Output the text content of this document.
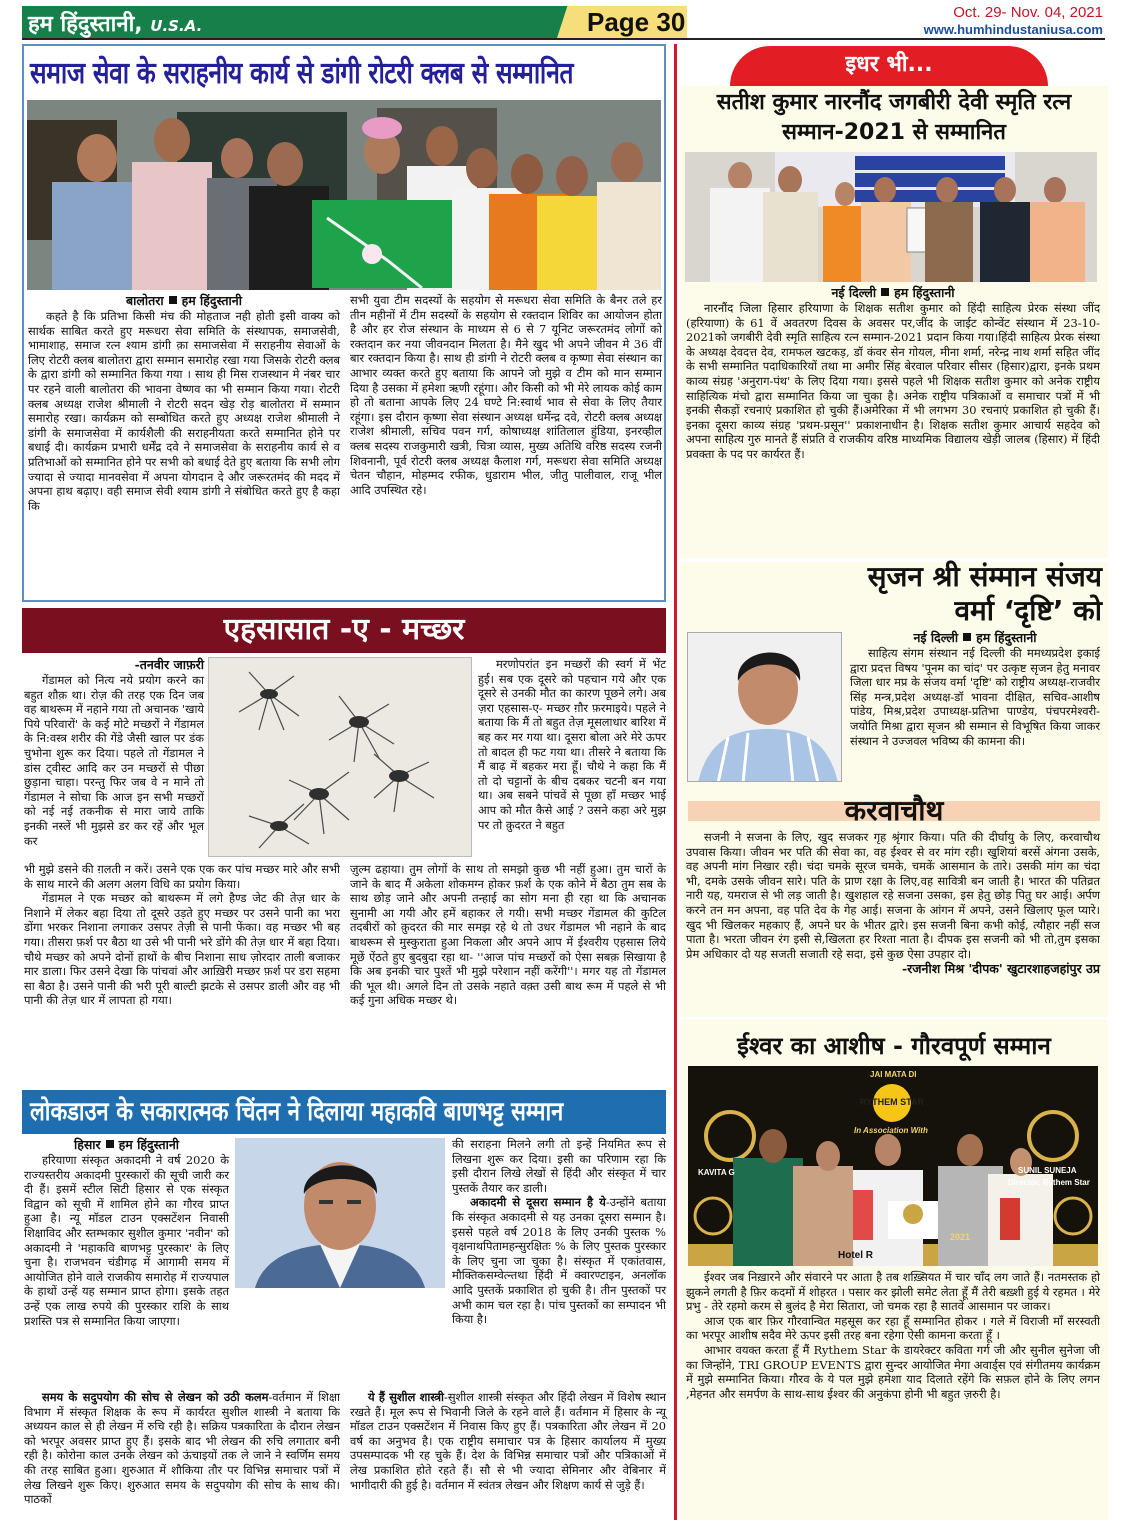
हम हिंदुस्तानी, U.S.A.	Page 30	Oct. 29- Nov. 04, 2021
www.humhindustaniusa.com
समाज सेवा के सराहनीय कार्य से डांगी रोटरी क्लब से सम्मानित
बालोतरा हम हिंदुस्तानी

कहते है कि प्रतिभा किसी मंच की मोहताज नही होती इसी वाक्य को सार्थक साबित करते हुए मरूधरा सेवा समिति के संस्थापक, समाजसेवी, भामाशाह, समाज रत्न श्याम डांगी क़ा समाजसेवा में सराहनीय सेवाओं के लिए रोटरी क्लब बालोतरा द्वारा सम्मान समारोह रखा गया जिसके रोटरी क्लब के द्वारा डांगी को सम्मानित किया गया । साथ ही मिस राजस्थान मे नंबर चार पर रहने वाली बालोतरा की भावना वेष्णव का भी सम्मान किया गया। रोटरी क्लब अध्यक्ष राजेश श्रीमाली ने रोटरी सदन खेड़ रोड़ बालोतरा में सम्मान समारोह रखा। कार्यक्रम को सम्बोधित करते हुए अध्यक्ष राजेश श्रीमाली ने डांगी के समाजसेवा में कार्यशैली की सराहनीयता करते सम्मानित होने पर बधाई दी। कार्यक्रम प्रभारी धर्मेंद्र दवे ने समाजसेवा के सराहनीय कार्य से व प्रतिभाओं को सम्मानित होने पर सभी को बधाई देते हुए बताया कि सभी लोग ज्यादा से ज्यादा मानवसेवा में अपना योगदान दे और जरूरतमंद की मदद में अपना हाथ बढ़ाए। वही समाज सेवी श्याम डांगी ने संबोधित करते हुए है कहा कि

सभी युवा टीम सदस्यों के सहयोग से मरूधरा सेवा समिति के बैनर तले हर तीन महीनों में टीम सदस्यों के सहयोग से रक्तदान शिविर का आयोजन होता है और हर रोज संस्थान के माध्यम से 6 से 7 यूनिट जरूरतमंद लोगों को रक्तदान कर नया जीवनदान मिलता है। मैने खुद भी अपने जीवन मे 36 वीं बार रक्तदान किया है। साथ ही डांगी ने रोटरी क्लब व कृष्णा सेवा संस्थान का आभार व्यक्त करते हुए बताया कि आपने जो मुझे व टीम को मान सम्मान दिया है उसका में हमेशा ऋणी रहूंगा। और किसी को भी मेरे लायक कोई काम हो तो बताना आपके लिए 24 घण्टे नि:स्वार्थ भाव से सेवा के लिए तैयार रहूंगा। इस दौरान कृष्णा सेवा संस्थान अध्यक्ष धर्मेन्द्र दवे, रोटरी क्लब अध्यक्ष राजेश श्रीमाली, सचिव पवन गर्ग, कोषाध्यक्ष शांतिलाल हुंडिया, इनरव्हील क्लब सदस्य राजकुमारी खत्री, चित्रा व्यास, मुख्य अतिथि वरिष्ठ सदस्य रजनी शिवनानी, पूर्व रोटरी क्लब अध्यक्ष कैलाश गर्ग, मरूधरा सेवा समिति अध्यक्ष चेतन चौहान, मोहम्मद रफीक, धुडाराम भील, जीतु पालीवाल, राजू भील आदि उपस्थित रहे।
एहसासात -ए - मच्छर
-तनवीर जाफ़री

गेंडामल को नित्य नये प्रयोग करने का बहुत शौक़ था। रोज़ की तरह एक दिन जब वह बाथरूम में नहाने गया तो अचानक 'खाये पिये परिवारों' के कई मोटे मच्छरों ने गेंडामल के नि:वस्त्र शरीर की गेंडे जैसी खाल पर डंक चुभोना शुरू कर दिया। पहले तो गेंडामल ने डांस ट्वीस्ट आदि कर उन मच्छरों से पीछा छुड़ाना चाहा। परन्तु फिर जब वे न माने तो गेंडामल ने सोचा कि आज इन सभी मच्छरों को नई नई तकनीक से मारा जाये ताकि इनकी नस्लें भी मुझसे डर कर रहें और भूल कर

मरणोपरांत इन मच्छरों की स्वर्ग में भेंट हुई। सब एक दूसरे को पहचान गये और एक दूसरे से उनकी मौत का कारण पूछने लगे। अब ज़रा एहसास-ए- मच्छर ग़ौर फ़रमाइये। पहले ने बताया कि मैं तो बहुत तेज़ मूसलाधार बारिश में बह कर मर गया था। दूसरा बोला अरे मेरे ऊपर तो बादल ही फट गया था। तीसरे ने बताया कि मैं बाढ़ में बहकर मरा हूँ। चौथे ने कहा कि मैं तो दो चट्टानों के बीच दबकर चटनी बन गया था। अब सबने पांचवें से पूछा हाँ मच्छर भाई आप को मौत कैसे आई ? उसने कहा अरे मुझ पर तो क़ुदरत ने बहुत

भी मुझे डसने की ग़लती न करें। उसने एक एक कर पांच मच्छर मारे और सभी के साथ मारने की अलग अलग विधि का प्रयोग किया।

गेंडामल ने एक मच्छर को बाथरूम में लगे हैण्ड जेट की तेज़ धार के निशाने में लेकर बहा दिया तो दूसरे उड़ते हुए मच्छर पर उसने पानी का भरा डोंगा भरकर निशाना लगाकर उसपर तेज़ी से पानी फेंका। वह मच्छर भी बह गया। तीसरा फ़र्श पर बैठा था उसे भी पानी भरे डोंगे की तेज़ धार में बहा दिया। चौथे मच्छर को अपने दोनों हाथों के बीच निशाना साध ज़ोरदार ताली बजाकर मार डाला। फिर उसने देखा कि पांचवां और आख़िरी मच्छर फ़र्श पर डरा सहमा सा बैठा है। उसने पानी की भरी पूरी बाल्टी झटके से उसपर डाली और वह भी पानी की तेज़ धार में लापता हो गया।

ज़ुल्म ढहाया। तुम लोगों के साथ तो समझो कुछ भी नहीं हुआ। तुम चारों के जाने के बाद मैं अकेला शोकमग्न होकर फ़र्श के एक कोने में बैठा तुम सब के साथ छोड़ जाने और अपनी तन्हाई का सोग मना ही रहा था कि अचानक सुनामी आ गयी और हमें बहाकर ले गयी। सभी मच्छर गेंडामल की कुटिल तदबीरों को क़ुदरत की मार समझ रहे थे तो उधर गेंडामल भी नहाने के बाद बाथरूम से मुस्कुराता हुआ निकला और अपने आप में ईश्वरीय एहसास लिये मूछें ऐंठते हुए बुदबुदा रहा था- ''आज पांच मच्छरों को ऐसा सबक़ सिखाया है कि अब इनकी चार पुश्तें भी मुझे परेशान नहीं करेंगी''। मगर यह तो गेंडामल की भूल थी। अगले दिन तो उसके नहाते वक़्त उसी बाथ रूम में पहले से भी कई गुना अधिक मच्छर थे।
लोकडाउन के सकारात्मक चिंतन ने दिलाया महाकवि बाणभट्ट सम्मान
हिसार हम हिंदुस्तानी

हरियाणा संस्कृत अकादमी ने वर्ष 2020 के राज्यस्तरीय अकादमी पुरस्कारों की सूची जारी कर दी हैं। इसमें स्टील सिटी हिसार से एक संस्कृत विद्वान को सूची में शामिल होने का गौरव प्राप्त हुआ है। न्यू मॉडल टाउन एक्सटेंशन निवासी शिक्षाविद और स्तम्भकार सुशील कुमार 'नवीन' को अकादमी ने 'महाकवि बाणभट्ट पुरस्कार' के लिए चुना है। राजभवन चंडीगढ़ में आगामी समय में आयोजित होने वाले राजकीय समारोह में राज्यपाल के हाथों उन्हें यह सम्मान प्राप्त होगा। इसके तहत उन्हें एक लाख रुपये की पुरस्कार राशि के साथ प्रशस्ति पत्र से सम्मानित किया जाएगा।

की सराहना मिलने लगी तो इन्हें नियमित रूप से लिखना शुरू कर दिया। इसी का परिणाम रहा कि इसी दौरान लिखे लेखों से हिंदी और संस्कृत में चार पुस्तकें तैयार कर डाली।

अकादमी से दूसरा सम्मान है ये-उन्होंने बताया कि संस्कृत अकादमी से यह उनका दूसरा सम्मान है। इससे पहले वर्ष 2018 के लिए उनकी पुस्तक % वृक्षनाथपितामहन्सुरक्षितः % के लिए पुस्तक पुरस्कार के लिए चुना जा चुका है। संस्कृत में एकांतवास, मौक्तिकसम्वेत्न्तथा हिंदी में क्वारण्टाइन, अनलॉक आदि पुस्तकें प्रकाशित हो चुकी है। तीन पुस्तकों पर अभी काम चल रहा है। पांच पुस्तकों का सम्पादन भी किया है।

समय के सदुपयोग की सोच से लेखन को उठी कलम-वर्तमान में शिक्षा विभाग में संस्कृत शिक्षक के रूप में कार्यरत सुशील शास्त्री ने बताया कि अध्ययन काल से ही लेखन में रुचि रही है। सक्रिय पत्रकारिता के दौरान लेखन को भरपूर अवसर प्राप्त हुए हैं। इसके बाद भी लेखन की रुचि लगातार बनी रही है। कोरोना काल उनके लेखन को ऊंचाइयों तक ले जाने ने स्वर्णिम समय की तरह साबित हुआ। शुरुआत में शौकिया तौर पर विभिन्न समाचार पत्रों में लेख लिखने शुरू किए। शुरुआत समय के सदुपयोग की सोच के साथ की। पाठकों

ये हैं सुशील शास्त्री-सुशील शास्त्री संस्कृत और हिंदी लेखन में विशेष स्थान रखते हैं। मूल रूप से भिवानी जिले के रहने वाले हैं। वर्तमान में हिसार के न्यू मॉडल टाउन एक्सटेंशन में निवास किए हुए हैं। पत्रकारिता और लेखन में 20 वर्ष का अनुभव है। एक राष्ट्रीय समाचार पत्र के हिसार कार्यालय में मुख्य उपसम्पादक भी रह चुके हैं। देश के विभिन्न समाचार पत्रों और पत्रिकाओं में लेख प्रकाशित होते रहते हैं। सौ से भी ज्यादा सेमिनार और वेबिनार में भागीदारी की हुई है। वर्तमान में स्वंतत्र लेखन और शिक्षण कार्य से जुड़े हैं।

इधर भी...
सतीश कुमार नारनौंद जगबीरी देवी स्मृति रत्न सम्मान-2021 से सम्मानित
नई दिल्ली हम हिंदुस्तानी

नारनौंद जिला हिसार हरियाणा के शिक्षक सतीश कुमार को हिंदी साहित्य प्रेरक संस्था जींद (हरियाणा) के 61 वें अवतरण दिवस के अवसर पर,जींद के जाईट कोन्वेंट संस्थान में 23-10-2021को जगबीरी देवी स्मृति साहित्य रत्न सम्मान-2021 प्रदान किया गया।हिंदी साहित्य प्रेरक संस्था के अध्यक्ष देवदत्त देव, रामफल खटकड़, डॉ कंवर सेन गोयल, मीना शर्मा, नरेन्द्र नाथ शर्मा सहित जींद के सभी सम्मानित पदाधिकारियों तथा मा अमीर सिंह बेरवाल परिवार सीसर (हिसार)द्वारा, इनके प्रथम काव्य संग्रह 'अनुराग-पंथ' के लिए दिया गया। इससे पहले भी शिक्षक सतीश कुमार को अनेक राष्ट्रीय साहित्यिक मंचो द्वारा सम्मानित किया जा चुका है। अनेक राष्ट्रीय पत्रिकाओं व समाचार पत्रों में भी इनकी सैकड़ों रचनाएं प्रकाशित हो चुकी हैं।अमेरिका में भी लगभग 30 रचनाएं प्रकाशित हो चुकी हैं। इनका दूसरा काव्य संग्रह 'प्रथम-प्रसून'' प्रकाशनाधीन है। शिक्षक सतीश कुमार आचार्य सहदेव को अपना साहित्य गुरु मानते हैं संप्रति वे राजकीय वरिष्ठ माध्यमिक विद्यालय खेड़ी जालब (हिसार) में हिंदी प्रवक्ता के पद पर कार्यरत हैं।

सृजन श्री संम्मान संजय
वर्मा ‘दृष्टि’ को
नई दिल्ली हम हिंदुस्तानी

साहित्य संगम संस्थान नई दिल्ली की ममध्यप्रदेश इकाई द्वारा प्रदत्त विषय 'पूनम का चांद' पर उत्कृष्ट सृजन हेतु मनावर जिला धार मप्र के संजय वर्मा 'दृष्टि' को राष्ट्रीय अध्यक्ष-राजवीर सिंह मन्त्र,प्रदेश अध्यक्ष-डॉ भावना दीक्षित, सचिव-आशीष पांडेय, मिश्र,प्रदेश उपाध्यक्ष-प्रतिभा पाण्डेय, पंचपरमेश्वरी-जयोति मिश्रा द्वारा सृजन श्री सम्मान से विभूषित किया जाकर संस्थान ने उज्जवल भविष्य की कामना की।

करवाचौथ

सजनी ने सजना के लिए, खुद सजकर गृह श्रृंगार किया। पति की दीर्घायु के लिए, करवाचौथ उपवास किया। जीवन भर पति की सेवा का, वह ईश्वर से वर मांग रही। खुशियां बरसें अंगना उसके, वह अपनी मांग निखार रही। चंदा चमके सूरज चमके, चमकें आसमान के तारे। उसकी मांग का चंदा भी, दमके उसके जीवन सारे। पति के प्राण रक्षा के लिए,वह सावित्री बन जाती है। भारत की पतिव्रत नारी यह, यमराज से भी लड़ जाती है। खुशहाल रहे सजना उसका, इस हेतु छोड़ पितु घर आई। अर्पण करने तन मन अपना, वह पति देव के गेह आई। सजना के आंगन में अपने, उसने खिलाए फूल प्यारे। खुद भी खिलकर महकाए हैं, अपने घर के भीतर द्वारे। इस सजनी बिना कभी कोई, त्यौहार नहीं सज पाता है। भरता जीवन रंग इसी से,खिलता हर रिश्ता नाता है। दीपक इस सजनी को भी तो,तुम इसका प्रेम अधिकार दो यह सजती सजाती रहे सदा, इसे कुछ ऐसा उपहार दो।

-रजनीश मिश्र 'दीपक' खुटारशाहजहांपुर उप्र
ईश्वर का आशीष - गौरवपूर्ण सम्मान
JAI MATA DI
RYTHEM STAR
In Association With
KAVITA G	SUNIL SUNEJA
Director, Rythem Star
2021
Hotel R

ईश्वर जब निख़ारने और संवारने पर आता है तब शख़्सियत में चार चाँद लग जाते हैं। नतमस्तक हो झुकने लगती है फ़िर कदमों में शोहरत । पसार कर झोली समेट लेता हूँ मैं तेरी बख़्शी हुई ये रहमत । मेरे प्रभु - तेरे रहमो करम से बुलंद है मेरा सितारा, जो चमक रहा है सातवें आसमान पर जाकर।

आज एक बार फ़िर गौरवान्वित महसूस कर रहा हूँ सम्मानित होकर । गले में विराजी माँ सरस्वती का भरपूर आशीष सदैव मेरे ऊपर इसी तरह बना रहेगा ऐसी कामना करता हूँ ।

आभार वयक्त करता हूँ मैं Rythem Star के डायरेक्टर कविता गर्ग जी और सुनील सुनेजा जी का जिन्होंने, TRI GROUP EVENTS द्वारा सुन्दर आयोजित मेगा अवार्ड्स एवं संगीतमय कार्यक्रम में मुझे सम्मानित किया। गौरव के ये पल मुझे हमेशा याद दिलाते रहेंगे कि सफ़ल होने के लिए लगन ,मेहनत और समर्पण के साथ-साथ ईश्वर की अनुकंपा होनी भी बहुत ज़रुरी है।
